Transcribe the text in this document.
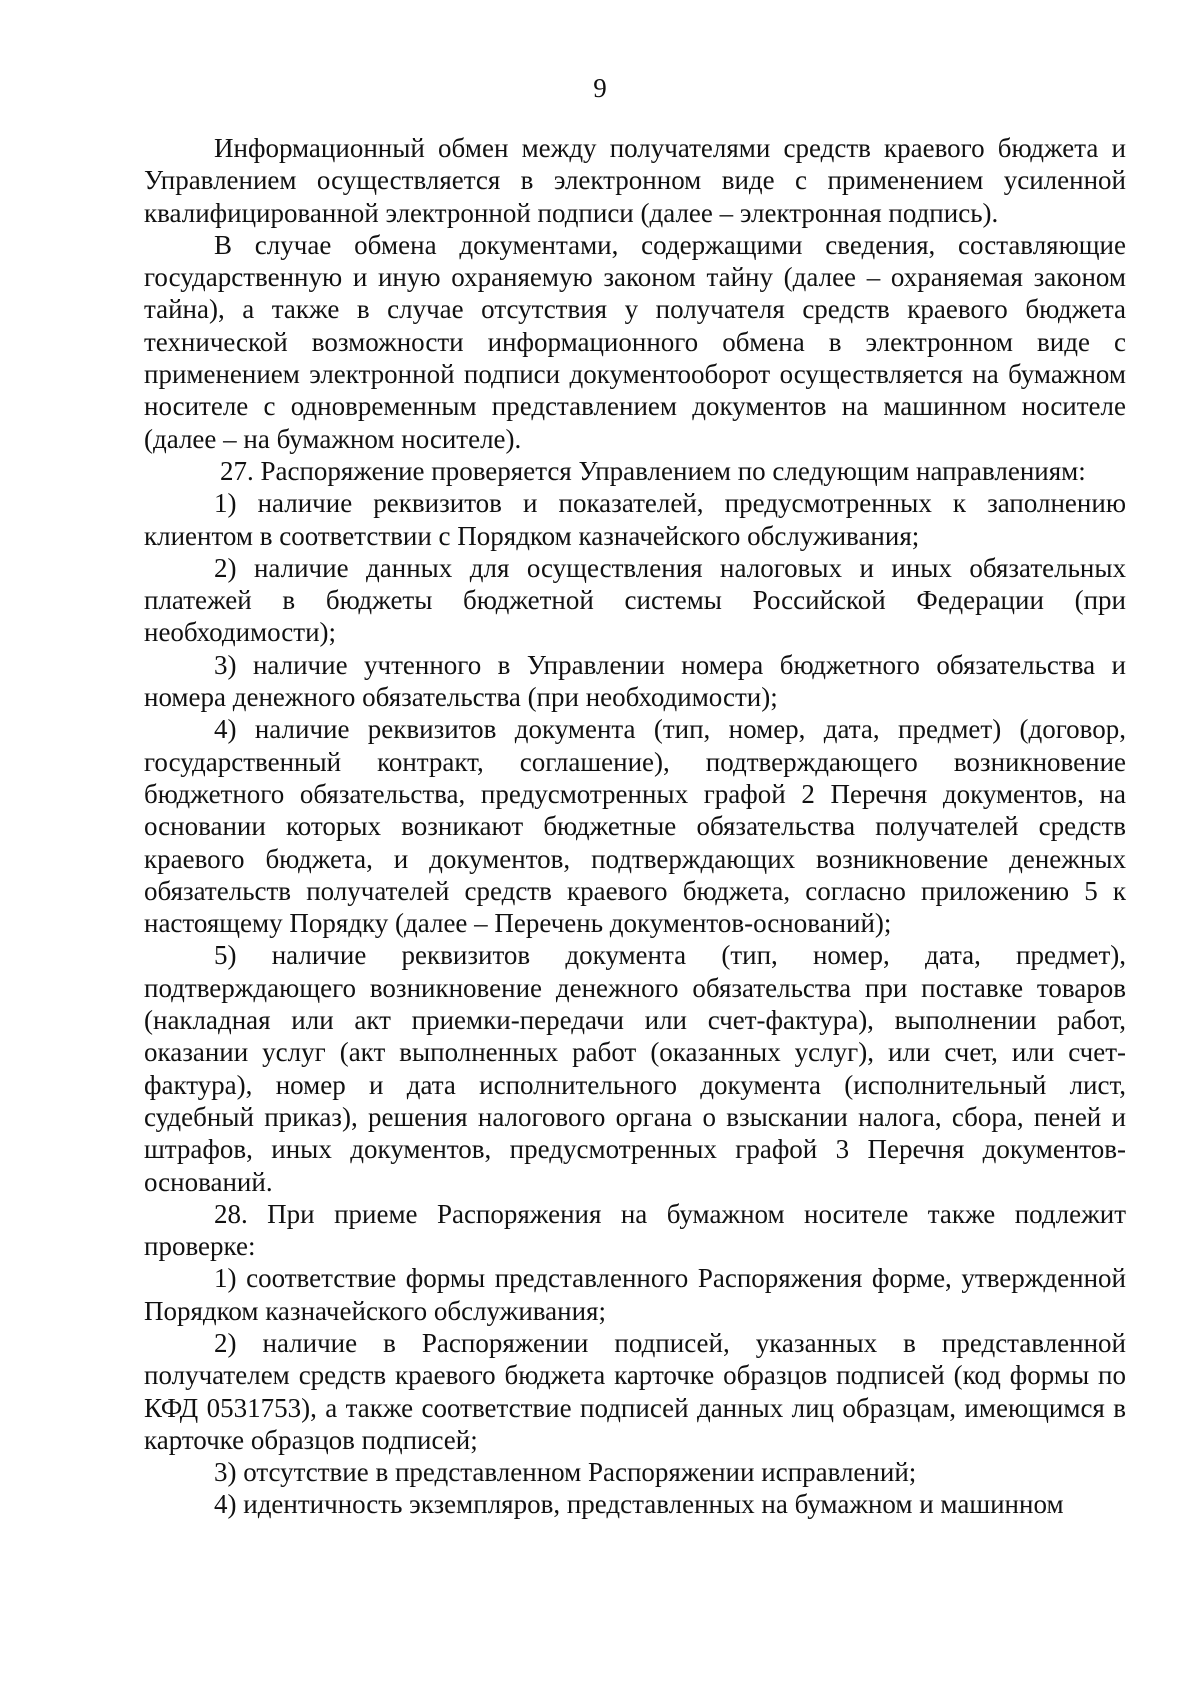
9

Информационный обмен между получателями средств краевого бюджета и Управлением осуществляется в электронном виде с применением усиленной квалифицированной электронной подписи (далее – электронная подпись).

В случае обмена документами, содержащими сведения, составляющие государственную и иную охраняемую законом тайну (далее – охраняемая законом тайна), а также в случае отсутствия у получателя средств краевого бюджета технической возможности информационного обмена в электронном виде с применением электронной подписи документооборот осуществляется на бумажном носителе с одновременным представлением документов на машинном носителе (далее – на бумажном носителе).

27. Распоряжение проверяется Управлением по следующим направлениям:

1) наличие реквизитов и показателей, предусмотренных к заполнению клиентом в соответствии с Порядком казначейского обслуживания;

2) наличие данных для осуществления налоговых и иных обязательных платежей в бюджеты бюджетной системы Российской Федерации (при необходимости);

3) наличие учтенного в Управлении номера бюджетного обязательства и номера денежного обязательства (при необходимости);

4) наличие реквизитов документа (тип, номер, дата, предмет) (договор, государственный контракт, соглашение), подтверждающего возникновение бюджетного обязательства, предусмотренных графой 2 Перечня документов, на основании которых возникают бюджетные обязательства получателей средств краевого бюджета, и документов, подтверждающих возникновение денежных обязательств получателей средств краевого бюджета, согласно приложению 5 к настоящему Порядку (далее – Перечень документов-оснований);

5) наличие реквизитов документа (тип, номер, дата, предмет), подтверждающего возникновение денежного обязательства при поставке товаров (накладная или акт приемки-передачи или счет-фактура), выполнении работ, оказании услуг (акт выполненных работ (оказанных услуг), или счет, или счет-фактура), номер и дата исполнительного документа (исполнительный лист, судебный приказ), решения налогового органа о взыскании налога, сбора, пеней и штрафов, иных документов, предусмотренных графой 3 Перечня документов-оснований.

28. При приеме Распоряжения на бумажном носителе также подлежит проверке:

1) соответствие формы представленного Распоряжения форме, утвержденной Порядком казначейского обслуживания;

2) наличие в Распоряжении подписей, указанных в представленной получателем средств краевого бюджета карточке образцов подписей (код формы по КФД 0531753), а также соответствие подписей данных лиц образцам, имеющимся в карточке образцов подписей;

3) отсутствие в представленном Распоряжении исправлений;

4) идентичность экземпляров, представленных на бумажном и машинном
